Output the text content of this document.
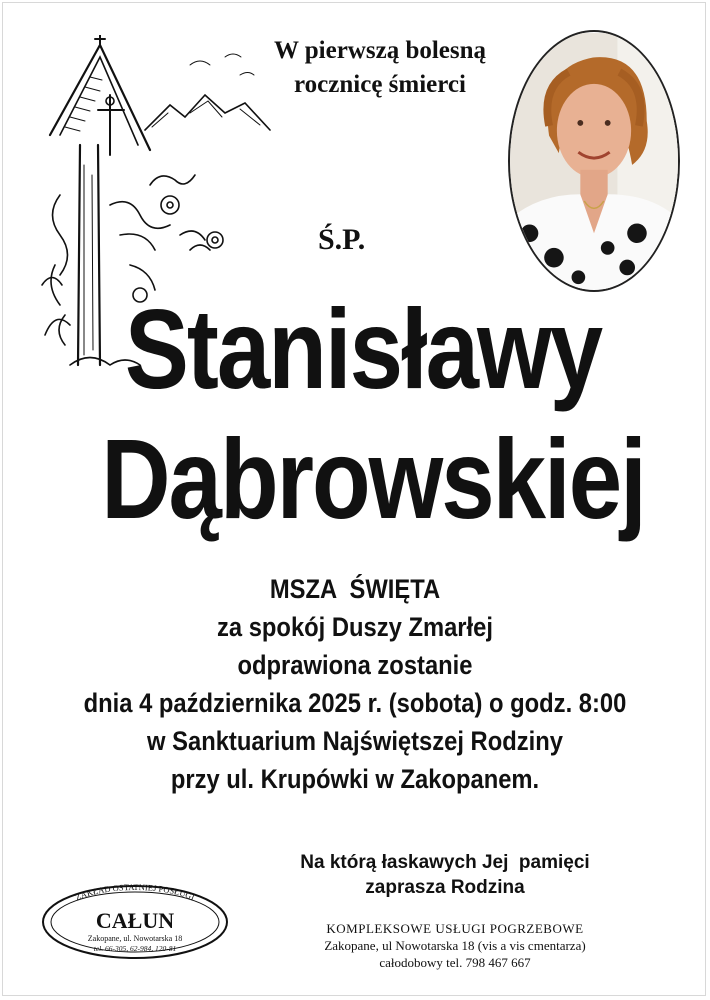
W pierwszą bolesną
rocznicę śmierci
Ś.P.
Stanisławy
Dąbrowskiej
MSZA  ŚWIĘTA
za spokój Duszy Zmarłej
odprawiona zostanie
dnia 4 października 2025 r. (sobota) o godz. 8:00
w Sanktuarium Najświętszej Rodziny
przy ul. Krupówki w Zakopanem.
Na którą łaskawych Jej  pamięci
zaprasza Rodzina
ZAKŁAD OSTATNIEJ POSŁUGI
CAŁUN
Zakopane, ul. Nowotarska 18
tel. 66-305, 62-984, 120-81
KOMPLEKSOWE USŁUGI POGRZEBOWE
Zakopane, ul Nowotarska 18 (vis a vis cmentarza)
całodobowy tel. 798 467 667
